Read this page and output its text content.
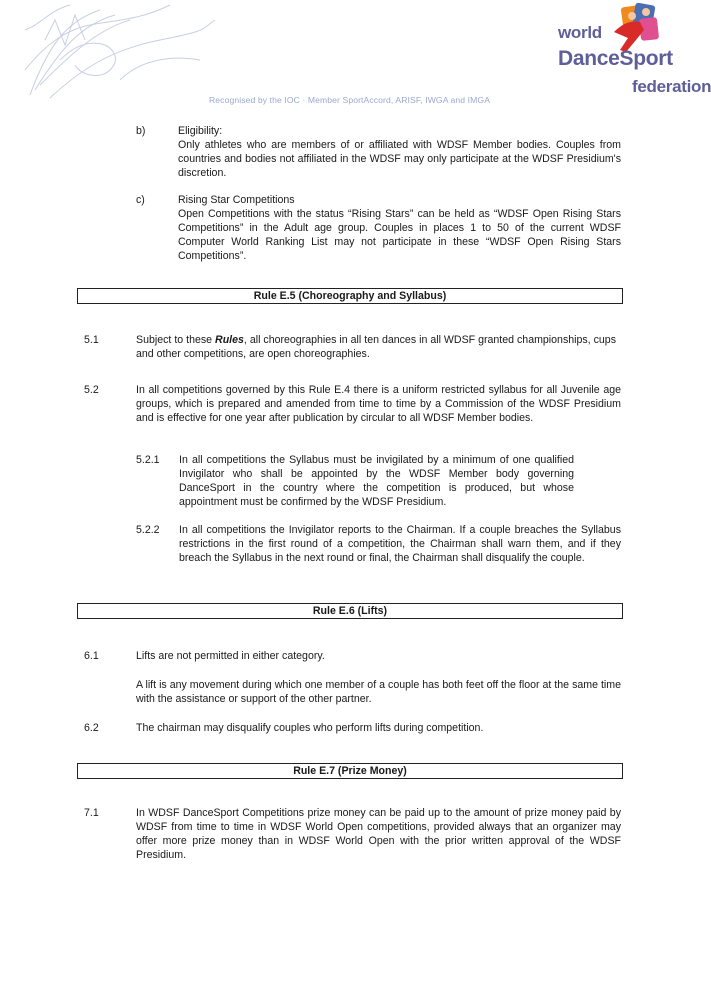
world
DanceSport
federation
Recognised by the IOC · Member SportAccord, ARISF, IWGA and IMGA
b)	Eligibility:
Only athletes who are members of or affiliated with WDSF Member bodies. Couples from countries and bodies not affiliated in the WDSF may only participate at the WDSF Presidium's discretion.
c)	Rising Star Competitions
Open Competitions with the status “Rising Stars” can be held as “WDSF Open Rising Stars Competitions” in the Adult age group. Couples in places 1 to 50 of the current WDSF Computer World Ranking List may not participate in these “WDSF Open Rising Stars Competitions”.
Rule E.5 (Choreography and Syllabus)
5.1	Subject to these Rules, all choreographies in all ten dances in all WDSF granted championships, cups and other competitions, are open choreographies.
5.2	In all competitions governed by this Rule E.4 there is a uniform restricted syllabus for all Juvenile age groups, which is prepared and amended from time to time by a Commission of the WDSF Presidium and is effective for one year after publication by circular to all WDSF Member bodies.
5.2.1 In all competitions the Syllabus must be invigilated by a minimum of one qualified Invigilator who shall be appointed by the WDSF Member body governing DanceSport in the country where the competition is produced, but whose appointment must be confirmed by the WDSF Presidium.
5.2.2 In all competitions the Invigilator reports to the Chairman. If a couple breaches the Syllabus restrictions in the first round of a competition, the Chairman shall warn them, and if they breach the Syllabus in the next round or final, the Chairman shall disqualify the couple.
Rule E.6 (Lifts)
6.1	Lifts are not permitted in either category.
A lift is any movement during which one member of a couple has both feet off the floor at the same time with the assistance or support of the other partner.
6.2	The chairman may disqualify couples who perform lifts during competition.
Rule E.7 (Prize Money)
7.1	In WDSF DanceSport Competitions prize money can be paid up to the amount of prize money paid by WDSF from time to time in WDSF World Open competitions, provided always that an organizer may offer more prize money than in WDSF World Open with the prior written approval of the WDSF Presidium.
